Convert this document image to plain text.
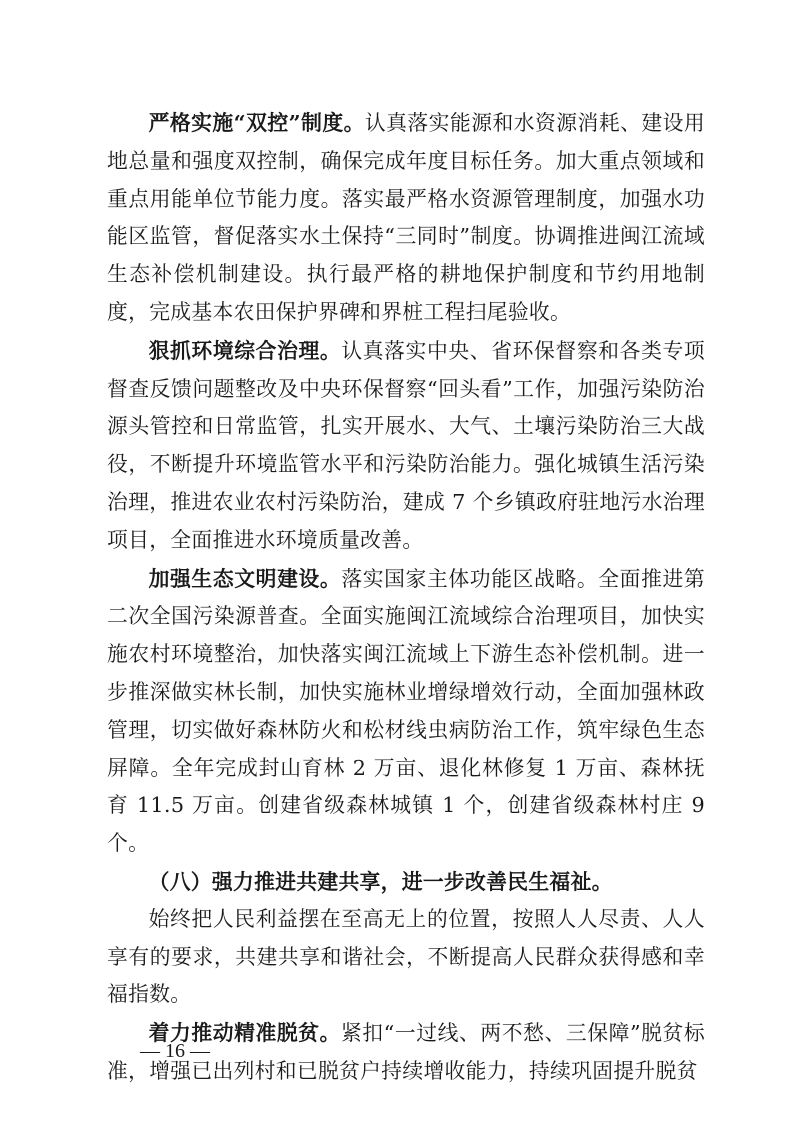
严格实施“双控”制度。认真落实能源和水资源消耗、建设用地总量和强度双控制，确保完成年度目标任务。加大重点领域和重点用能单位节能力度。落实最严格水资源管理制度，加强水功能区监管，督促落实水土保持“三同时”制度。协调推进闽江流域生态补偿机制建设。执行最严格的耕地保护制度和节约用地制度，完成基本农田保护界碑和界桩工程扫尾验收。

狠抓环境综合治理。认真落实中央、省环保督察和各类专项督查反馈问题整改及中央环保督察“回头看”工作，加强污染防治源头管控和日常监管，扎实开展水、大气、土壤污染防治三大战役，不断提升环境监管水平和污染防治能力。强化城镇生活污染治理，推进农业农村污染防治，建成 7 个乡镇政府驻地污水治理项目，全面推进水环境质量改善。

加强生态文明建设。落实国家主体功能区战略。全面推进第二次全国污染源普查。全面实施闽江流域综合治理项目，加快实施农村环境整治，加快落实闽江流域上下游生态补偿机制。进一步推深做实林长制，加快实施林业增绿增效行动，全面加强林政管理，切实做好森林防火和松材线虫病防治工作，筑牢绿色生态屏障。全年完成封山育林 2 万亩、退化林修复 1 万亩、森林抚育 11.5 万亩。创建省级森林城镇 1 个，创建省级森林村庄 9 个。

（八）强力推进共建共享，进一步改善民生福祉。

始终把人民利益摆在至高无上的位置，按照人人尽责、人人享有的要求，共建共享和谐社会，不断提高人民群众获得感和幸福指数。

着力推动精准脱贫。紧扣“一过线、两不愁、三保障”脱贫标准，增强已出列村和已脱贫户持续增收能力，持续巩固提升脱贫

— 16 —
